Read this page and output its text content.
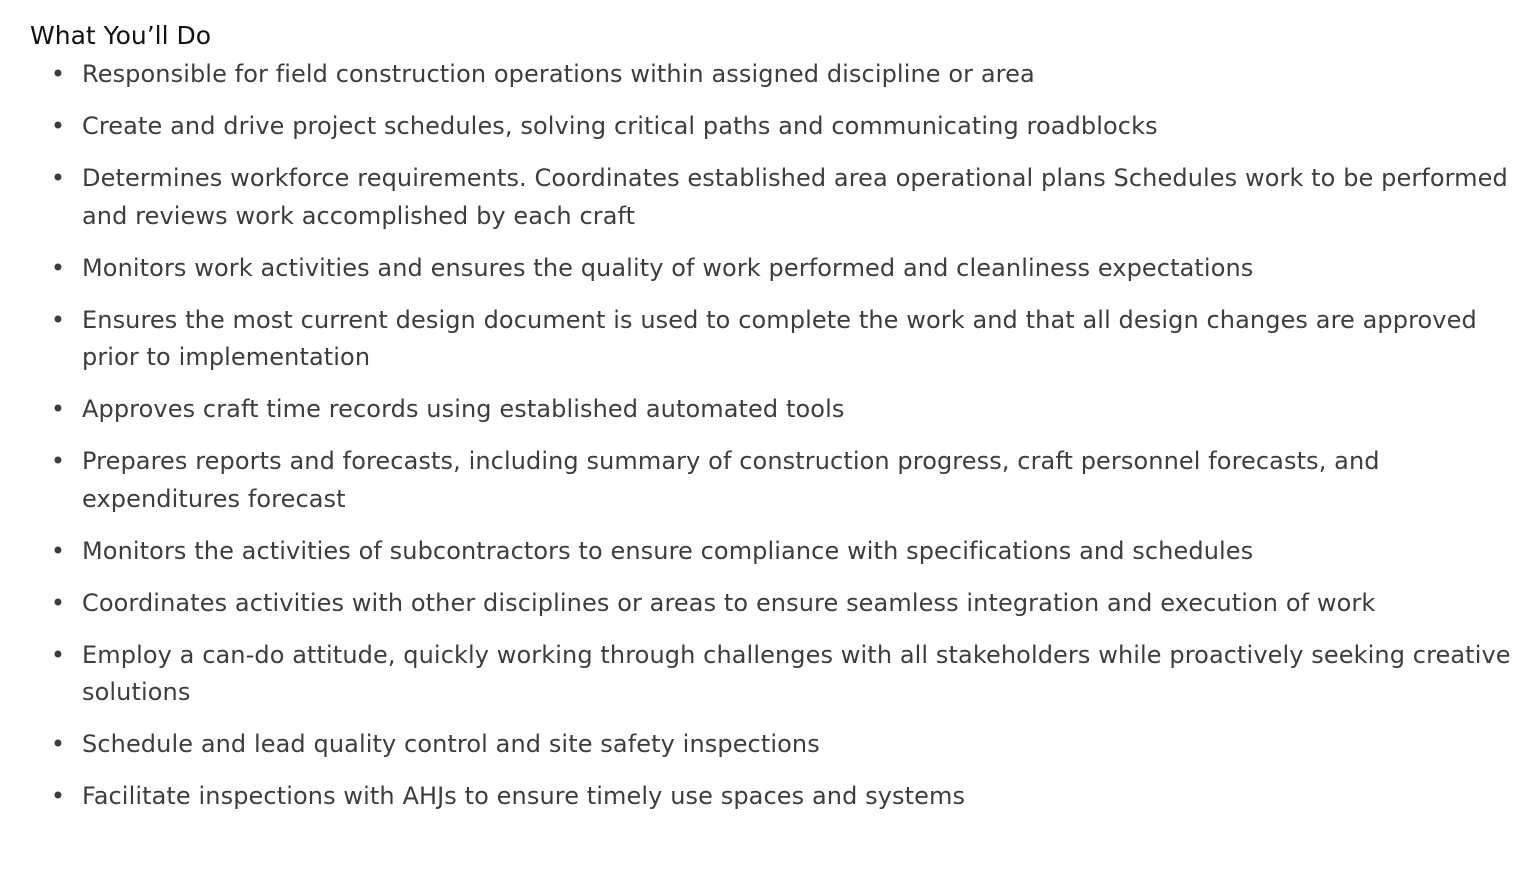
What You’ll Do
• Responsible for field construction operations within assigned discipline or area
• Create and drive project schedules, solving critical paths and communicating roadblocks
• Determines workforce requirements. Coordinates established area operational plans Schedules work to be performed and reviews work accomplished by each craft
• Monitors work activities and ensures the quality of work performed and cleanliness expectations
• Ensures the most current design document is used to complete the work and that all design changes are approved prior to implementation
• Approves craft time records using established automated tools
• Prepares reports and forecasts, including summary of construction progress, craft personnel forecasts, and expenditures forecast
• Monitors the activities of subcontractors to ensure compliance with specifications and schedules
• Coordinates activities with other disciplines or areas to ensure seamless integration and execution of work
• Employ a can-do attitude, quickly working through challenges with all stakeholders while proactively seeking creative solutions
• Schedule and lead quality control and site safety inspections
• Facilitate inspections with AHJs to ensure timely use spaces and systems
